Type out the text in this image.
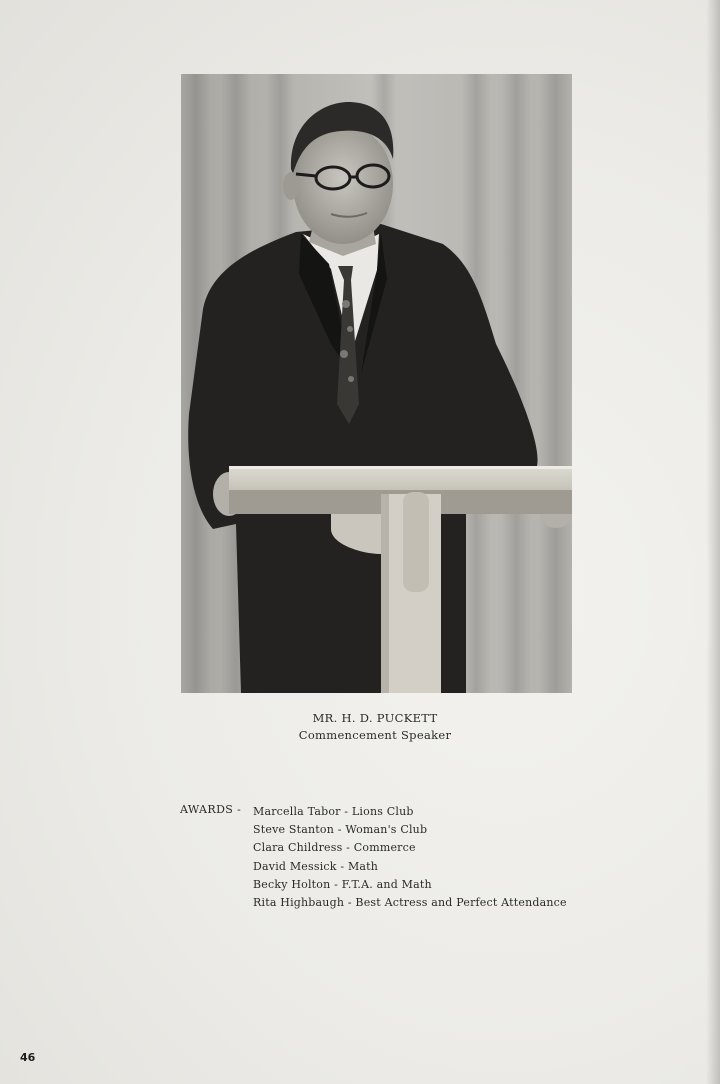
MR. H. D. PUCKETT
Commencement Speaker
AWARDS - Marcella Tabor - Lions Club
Steve Stanton - Woman's Club
Clara Childress - Commerce
David Messick - Math
Becky Holton - F.T.A. and Math
Rita Highbaugh - Best Actress and Perfect Attendance
46
